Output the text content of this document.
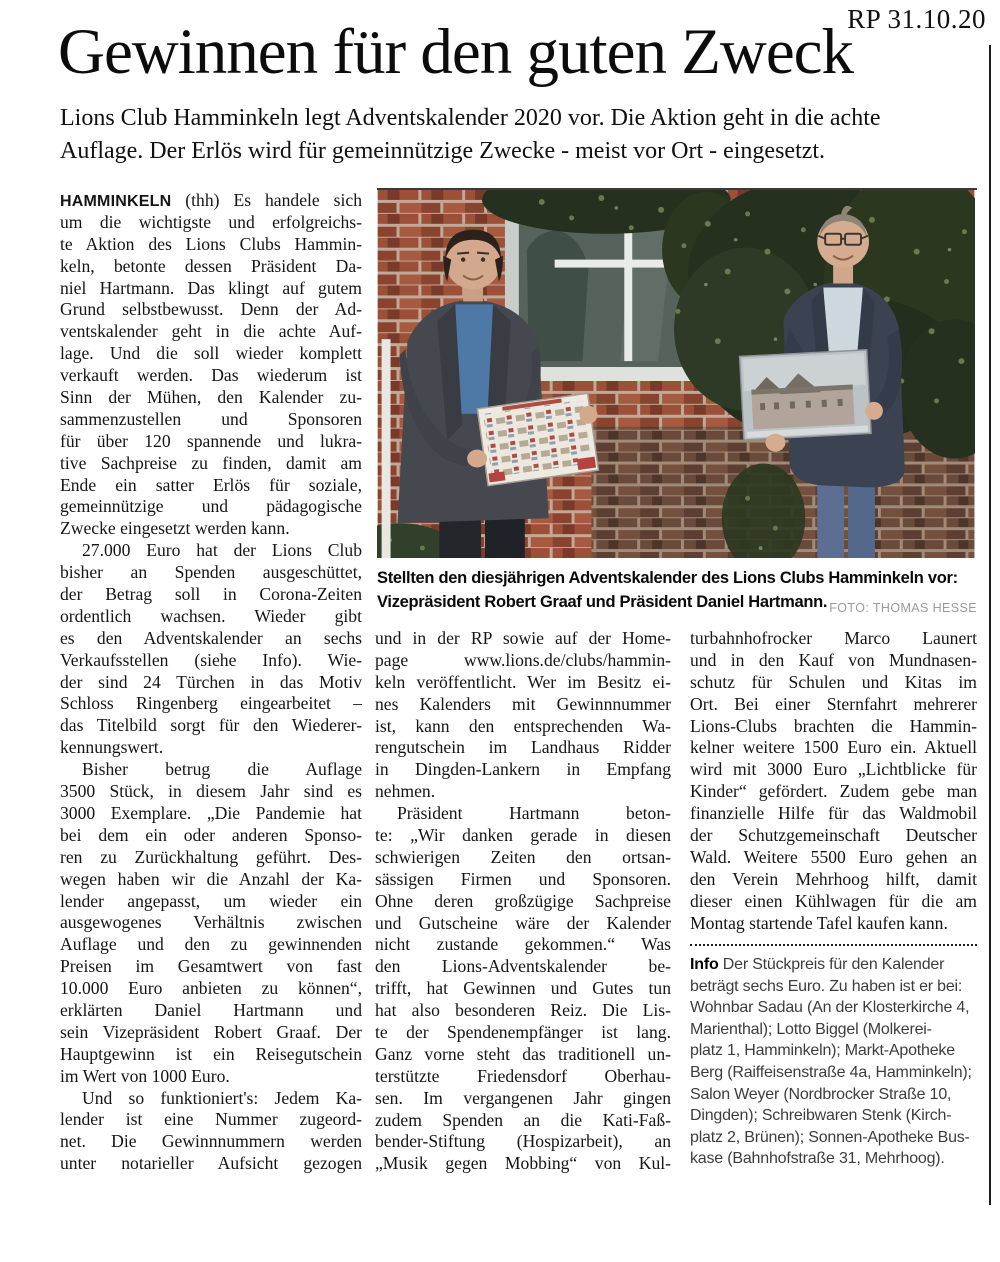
RP 31.10.20
Gewinnen für den guten Zweck
Lions Club Hamminkeln legt Adventskalender 2020 vor. Die Aktion geht in die achte
Auflage. Der Erlös wird für gemeinnützige Zwecke - meist vor Ort - eingesetzt.
HAMMINKELN (thh) Es handele sich
um die wichtigste und erfolgreichs-
te Aktion des Lions Clubs Hammin-
keln, betonte dessen Präsident Da-
niel Hartmann. Das klingt auf gutem
Grund selbstbewusst. Denn der Ad-
ventskalender geht in die achte Auf-
lage. Und die soll wieder komplett
verkauft werden. Das wiederum ist
Sinn der Mühen, den Kalender zu-
sammenzustellen und Sponsoren
für über 120 spannende und lukra-
tive Sachpreise zu finden, damit am
Ende ein satter Erlös für soziale,
gemeinnützige und pädagogische
Zwecke eingesetzt werden kann.
27.000 Euro hat der Lions Club
bisher an Spenden ausgeschüttet,
der Betrag soll in Corona-Zeiten
ordentlich wachsen. Wieder gibt
es den Adventskalender an sechs
Verkaufsstellen (siehe Info). Wie-
der sind 24 Türchen in das Motiv
Schloss Ringenberg eingearbeitet –
das Titelbild sorgt für den Wiederer-
kennungswert.
Bisher betrug die Auflage
3500 Stück, in diesem Jahr sind es
3000 Exemplare. „Die Pandemie hat
bei dem ein oder anderen Sponso-
ren zu Zurückhaltung geführt. Des-
wegen haben wir die Anzahl der Ka-
lender angepasst, um wieder ein
ausgewogenes Verhältnis zwischen
Auflage und den zu gewinnenden
Preisen im Gesamtwert von fast
10.000 Euro anbieten zu können“,
erklärten Daniel Hartmann und
sein Vizepräsident Robert Graaf. Der
Hauptgewinn ist ein Reisegutschein
im Wert von 1000 Euro.
Und so funktioniert's: Jedem Ka-
lender ist eine Nummer zugeord-
net. Die Gewinnnummern werden
unter notarieller Aufsicht gezogen
Stellten den diesjährigen Adventskalender des Lions Clubs Hamminkeln vor:
FOTO: THOMAS HESSE
Vizepräsident Robert Graaf und Präsident Daniel Hartmann.
und in der RP sowie auf der Home-
page www.lions.de/clubs/hammin-
keln veröffentlicht. Wer im Besitz ei-
nes Kalenders mit Gewinnnummer
ist, kann den entsprechenden Wa-
rengutschein im Landhaus Ridder
in Dingden-Lankern in Empfang
nehmen.
Präsident Hartmann beton-
te: „Wir danken gerade in diesen
schwierigen Zeiten den ortsan-
sässigen Firmen und Sponsoren.
Ohne deren großzügige Sachpreise
und Gutscheine wäre der Kalender
nicht zustande gekommen.“ Was
den Lions-Adventskalender be-
trifft, hat Gewinnen und Gutes tun
hat also besonderen Reiz. Die Lis-
te der Spendenempfänger ist lang.
Ganz vorne steht das traditionell un-
terstützte Friedensdorf Oberhau-
sen. Im vergangenen Jahr gingen
zudem Spenden an die Kati-Faß-
bender-Stiftung (Hospizarbeit), an
„Musik gegen Mobbing“ von Kul-
turbahnhofrocker Marco Launert
und in den Kauf von Mundnasen-
schutz für Schulen und Kitas im
Ort. Bei einer Sternfahrt mehrerer
Lions-Clubs brachten die Hammin-
kelner weitere 1500 Euro ein. Aktuell
wird mit 3000 Euro „Lichtblicke für
Kinder“ gefördert. Zudem gebe man
finanzielle Hilfe für das Waldmobil
der Schutzgemeinschaft Deutscher
Wald. Weitere 5500 Euro gehen an
den Verein Mehrhoog hilft, damit
dieser einen Kühlwagen für die am
Montag startende Tafel kaufen kann.
Info Der Stückpreis für den Kalender
beträgt sechs Euro. Zu haben ist er bei:
Wohnbar Sadau (An der Klosterkirche 4,
Marienthal); Lotto Biggel (Molkerei-
platz 1, Hamminkeln); Markt-Apotheke
Berg (Raiffeisenstraße 4a, Hamminkeln);
Salon Weyer (Nordbrocker Straße 10,
Dingden); Schreibwaren Stenk (Kirch-
platz 2, Brünen); Sonnen-Apotheke Bus-
kase (Bahnhofstraße 31, Mehrhoog).
